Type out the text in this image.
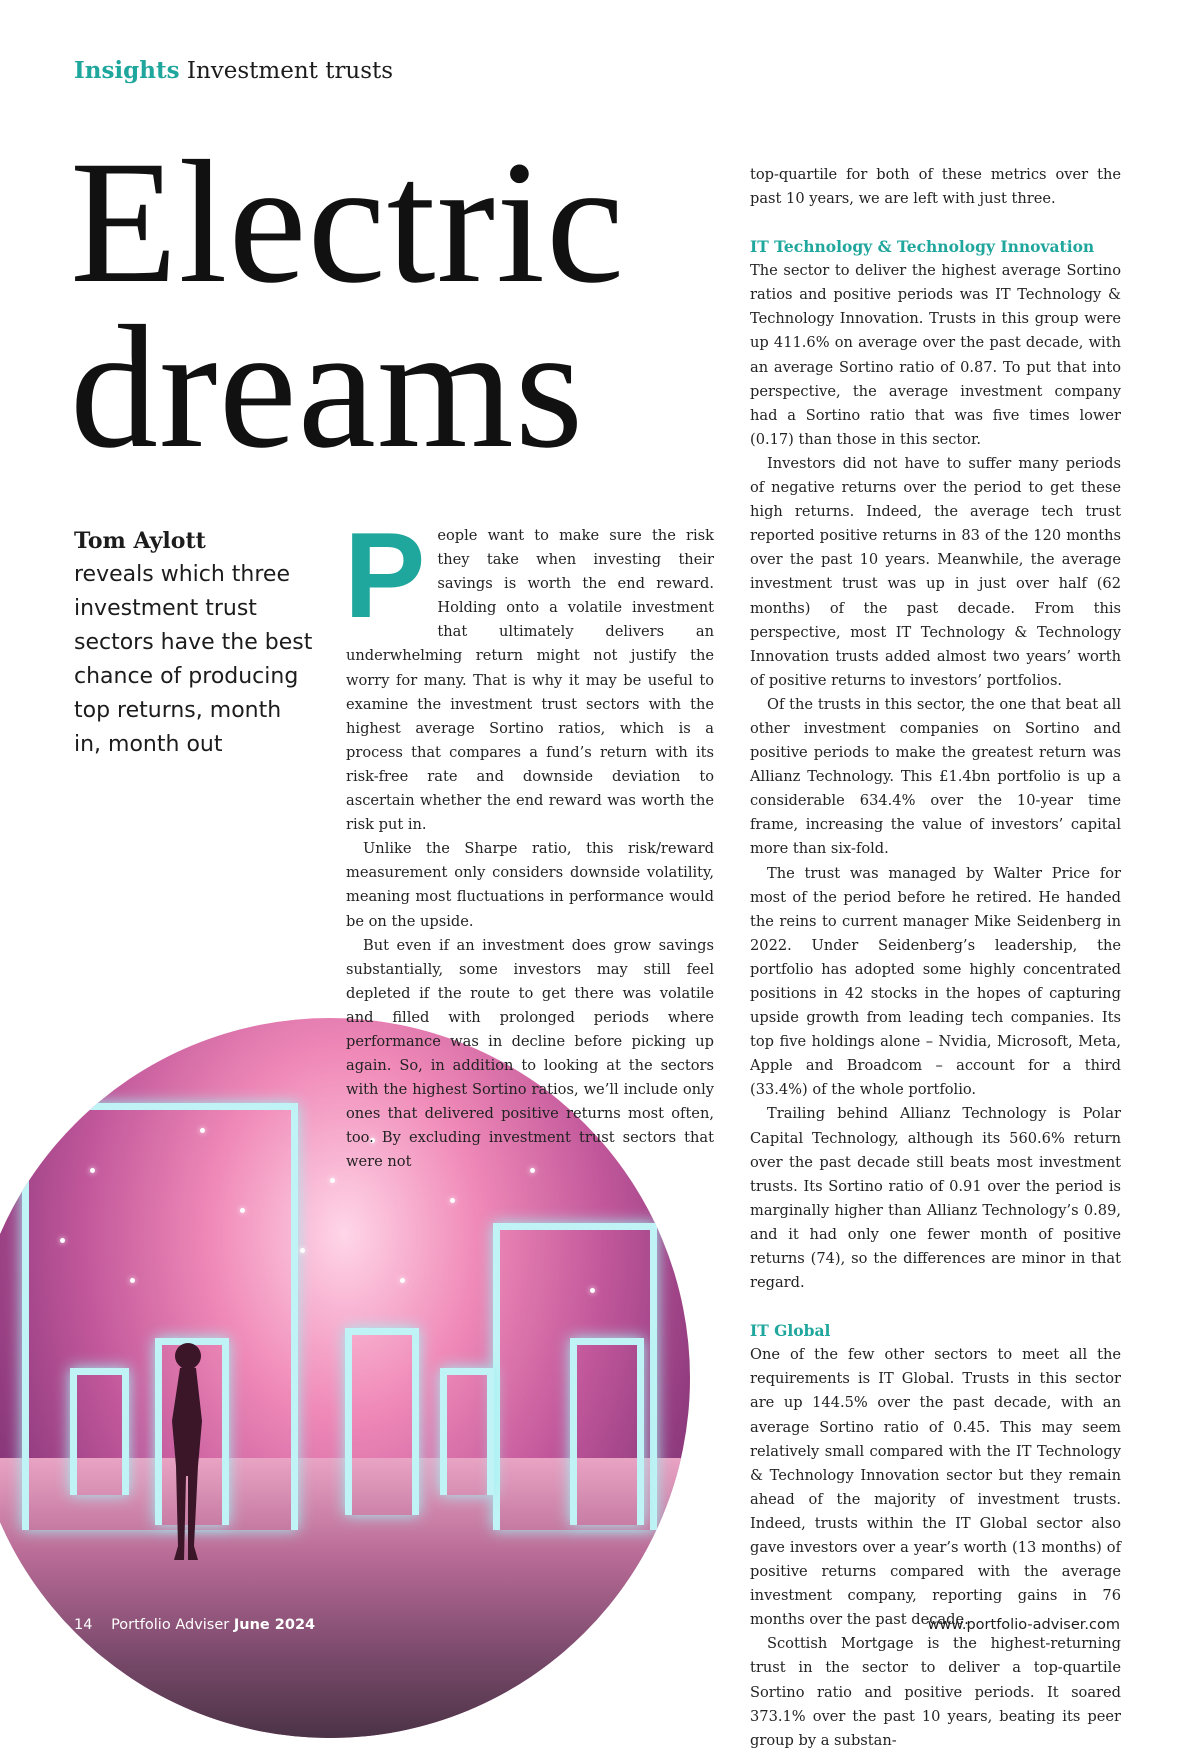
Insights Investment trusts
Electric
dreams
Tom Aylott
reveals which three investment trust sectors have the best chance of producing top returns, month in, month out
P eople want to make sure the risk they take when investing their savings is worth the end reward. Holding onto a volatile investment that ultimately delivers an underwhelming return might not justify the worry for many. That is why it may be useful to examine the investment trust sectors with the highest average Sortino ratios, which is a process that compares a fund’s return with its risk-free rate and downside deviation to ascertain whether the end reward was worth the risk put in.

Unlike the Sharpe ratio, this risk/reward measurement only considers downside volatility, meaning most fluctuations in performance would be on the upside.

But even if an investment does grow savings substantially, some investors may still feel depleted if the route to get there was volatile and filled with prolonged periods where performance was in decline before picking up again. So, in addition to looking at the sectors with the highest Sortino ratios, we’ll include only ones that delivered positive returns most often, too. By excluding investment trust sectors that were not

top-quartile for both of these metrics over the past 10 years, we are left with just three.

IT Technology & Technology Innovation

The sector to deliver the highest average Sortino ratios and positive periods was IT Technology & Technology Innovation. Trusts in this group were up 411.6% on average over the past decade, with an average Sortino ratio of 0.87. To put that into perspective, the average investment company had a Sortino ratio that was five times lower (0.17) than those in this sector.

Investors did not have to suffer many periods of negative returns over the period to get these high returns. Indeed, the average tech trust reported positive returns in 83 of the 120 months over the past 10 years. Meanwhile, the average investment trust was up in just over half (62 months) of the past decade. From this perspective, most IT Technology & Technology Innovation trusts added almost two years’ worth of positive returns to investors’ portfolios.

Of the trusts in this sector, the one that beat all other investment companies on Sortino and positive periods to make the greatest return was Allianz Technology. This £1.4bn portfolio is up a considerable 634.4% over the 10-year time frame, increasing the value of investors’ capital more than six-fold.

The trust was managed by Walter Price for most of the period before he retired. He handed the reins to current manager Mike Seidenberg in 2022. Under Seidenberg’s leadership, the portfolio has adopted some highly concentrated positions in 42 stocks in the hopes of capturing upside growth from leading tech companies. Its top five holdings alone – Nvidia, Microsoft, Meta, Apple and Broadcom – account for a third (33.4%) of the whole portfolio.

Trailing behind Allianz Technology is Polar Capital Technology, although its 560.6% return over the past decade still beats most investment trusts. Its Sortino ratio of 0.91 over the period is marginally higher than Allianz Technology’s 0.89, and it had only one fewer month of positive returns (74), so the differences are minor in that regard.

IT Global

One of the few other sectors to meet all the requirements is IT Global. Trusts in this sector are up 144.5% over the past decade, with an average Sortino ratio of 0.45. This may seem relatively small compared with the IT Technology & Technology Innovation sector but they remain ahead of the majority of investment trusts. Indeed, trusts within the IT Global sector also gave investors over a year’s worth (13 months) of positive returns compared with the average investment company, reporting gains in 76 months over the past decade.

Scottish Mortgage is the highest-returning trust in the sector to deliver a top-quartile Sortino ratio and positive periods. It soared 373.1% over the past 10 years, beating its peer group by a substan-

14 Portfolio Adviser June 2024	www.portfolio-adviser.com
